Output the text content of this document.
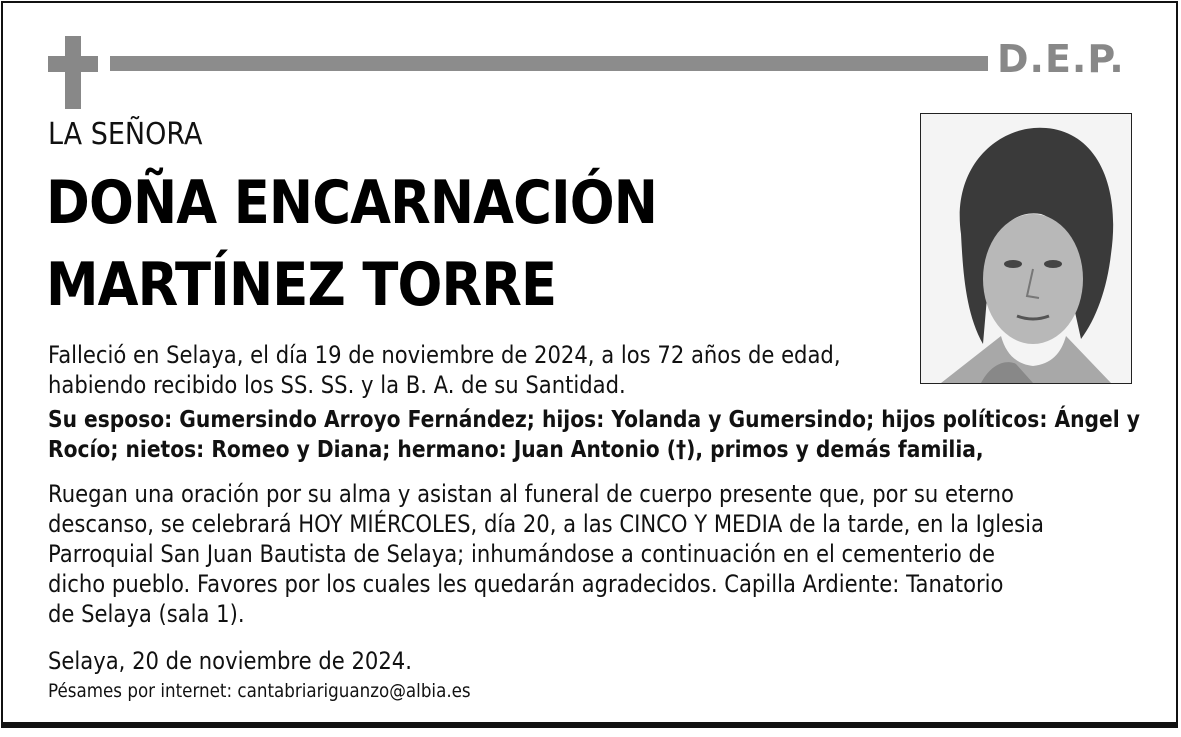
D.E.P.
LA SEÑORA
DOÑA ENCARNACIÓN
MARTÍNEZ TORRE
Falleció en Selaya, el día 19 de noviembre de 2024, a los 72 años de edad,
habiendo recibido los SS. SS. y la B. A. de su Santidad.
Su esposo: Gumersindo Arroyo Fernández; hijos: Yolanda y Gumersindo; hijos políticos: Ángel y
Rocío; nietos: Romeo y Diana; hermano: Juan Antonio (†), primos y demás familia,
Ruegan una oración por su alma y asistan al funeral de cuerpo presente que, por su eterno
descanso, se celebrará HOY MIÉRCOLES, día 20, a las CINCO Y MEDIA de la tarde, en la Iglesia
Parroquial San Juan Bautista de Selaya; inhumándose a continuación en el cementerio de
dicho pueblo. Favores por los cuales les quedarán agradecidos. Capilla Ardiente: Tanatorio
de Selaya (sala 1).
Selaya, 20 de noviembre de 2024.
Pésames por internet: cantabriariguanzo@albia.es
